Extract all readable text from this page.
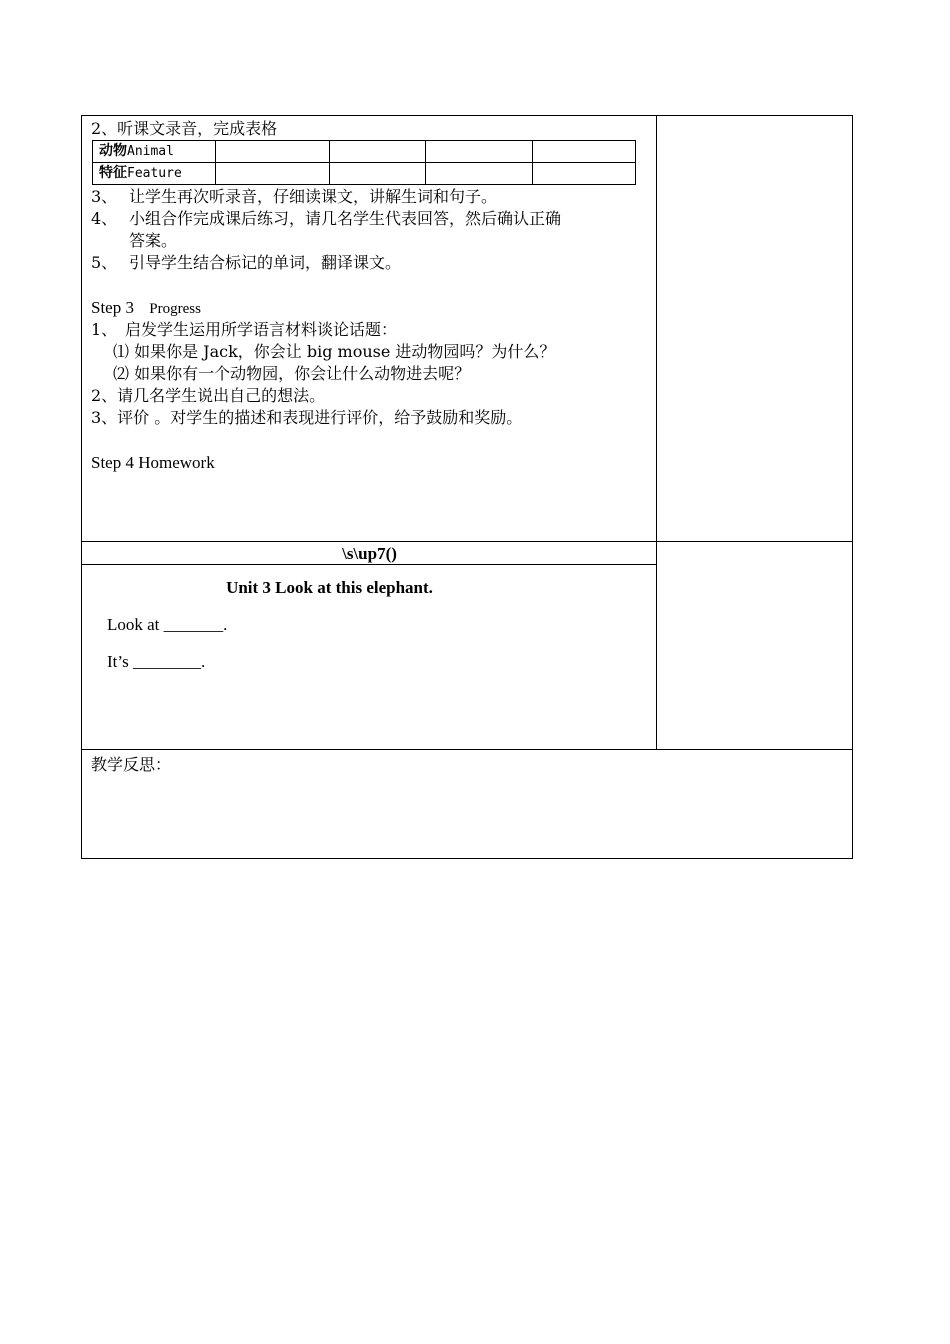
2、听课文录音，完成表格
动物Animal				
特征Feature				
3、 让学生再次听录音，仔细读课文，讲解生词和句子。
4、 小组合作完成课后练习，请几名学生代表回答，然后确认正确
答案。
5、 引导学生结合标记的单词，翻译课文。
Step 3 Progress
1、 启发学生运用所学语言材料谈论话题：
⑴ 如果你是 Jack，你会让 big mouse 进动物园吗？为什么？
⑵ 如果你有一个动物园，你会让什么动物进去呢？
2、请几名学生说出自己的想法。
3、评价 。对学生的描述和表现进行评价，给予鼓励和奖励。
Step 4 Homework
\s\up7()
Unit 3 Look at this elephant.
Look at _______.
It’s ________.
教学反思：
